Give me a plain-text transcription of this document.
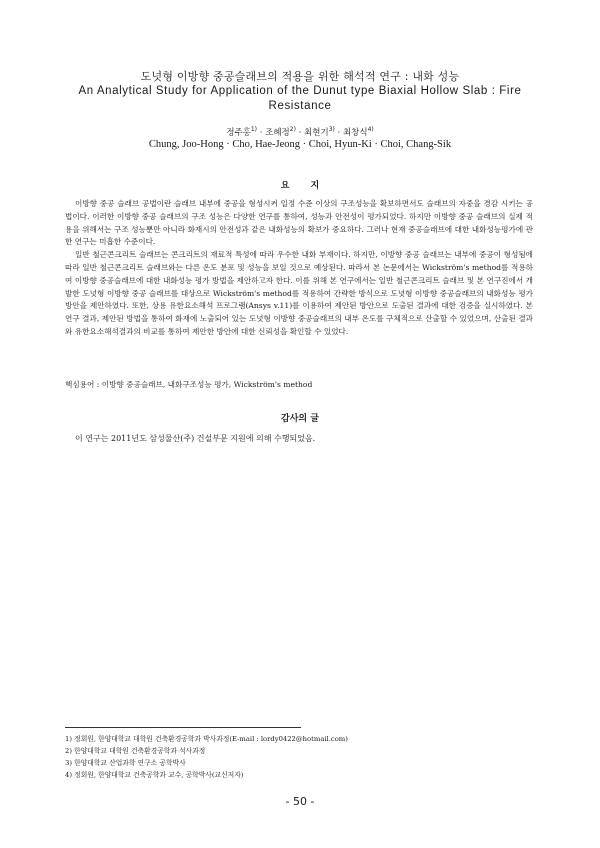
도넛형 이방향 중공슬래브의 적용을 위한 해석적 연구 : 내화 성능
An Analytical Study for Application of the Dunut type Biaxial Hollow Slab : Fire Resistance
정주홍$^{1)}$ · 조혜정$^{2)}$ · 최현기$^{3)}$ · 최창식$^{4)}$
Chung, Joo-Hong · Cho, Hae-Jeong · Choi, Hyun-Ki · Choi, Chang-Sik
요 지

이방향 중공 슬래브 공법이란 슬래브 내부에 중공을 형성시켜 일정 수준 이상의 구조성능을 확보하면서도 슬래브의 자중을 경감 시키는 공법이다. 이러한 이방향 중공 슬래브의 구조 성능은 다양한 연구를 통하여, 성능과 안전성이 평가되었다. 하지만 이방향 중공 슬래브의 실제 적용을 위해서는 구조 성능뿐만 아니라 화재시의 안전성과 같은 내화성능의 확보가 중요하다. 그러나 현재 중공슬래브에 대한 내화성능평가에 관한 연구는 미흡한 수준이다.

일반 철근콘크리트 슬래브는 콘크리트의 재료적 특성에 따라 우수한 내화 부재이다. 하지만, 이방향 중공 슬래브는 내부에 중공이 형성됨에 따라 일반 철근콘크리트 슬래브와는 다른 온도 분포 및 성능을 보일 것으로 예상된다. 따라서 본 논문에서는 Wickström's method를 적용하여 이방향 중공슬래브에 대한 내화성능 평가 방법을 제안하고자 한다. 이를 위해 본 연구에서는 일반 철근콘크리트 슬래브 및 본 연구진에서 개발한 도넛형 이방향 중공 슬래브를 대상으로 Wickström's method를 적용하여 간략한 방식으로 도넛형 이방향 중공슬래브의 내화성능 평가 방안을 제안하였다. 또한, 상용 유한요소해석 프로그램(Ansys v.11)를 이용하여 제안된 방안으로 도출된 결과에 대한 검증을 실시하였다. 본 연구 결과, 제안된 방법을 통하여 화재에 노출되어 있는 도넛형 이방향 중공슬래브의 내부 온도를 구체적으로 산출할 수 있었으며, 산출된 결과와 유한요소해석결과의 비교를 통하여 제안한 방안에 대한 신뢰성을 확인할 수 있었다.

핵심용어 : 이방향 중공슬래브, 내화구조성능 평가, Wickström's method
감사의 글
이 연구는 2011년도 삼성물산(주) 건설부문 지원에 의해 수행되었음.
1) 정회원, 한양대학교 대학원 건축환경공학과 박사과정(E-mail : lordy0422@hotmail.com)
2) 한양대학교 대학원 건축환경공학과 석사과정
3) 한양대학교 산업과학 연구소 공학박사
4) 정회원, 한양대학교 건축공학과 교수, 공학박사(교신저자)
- 50 -
